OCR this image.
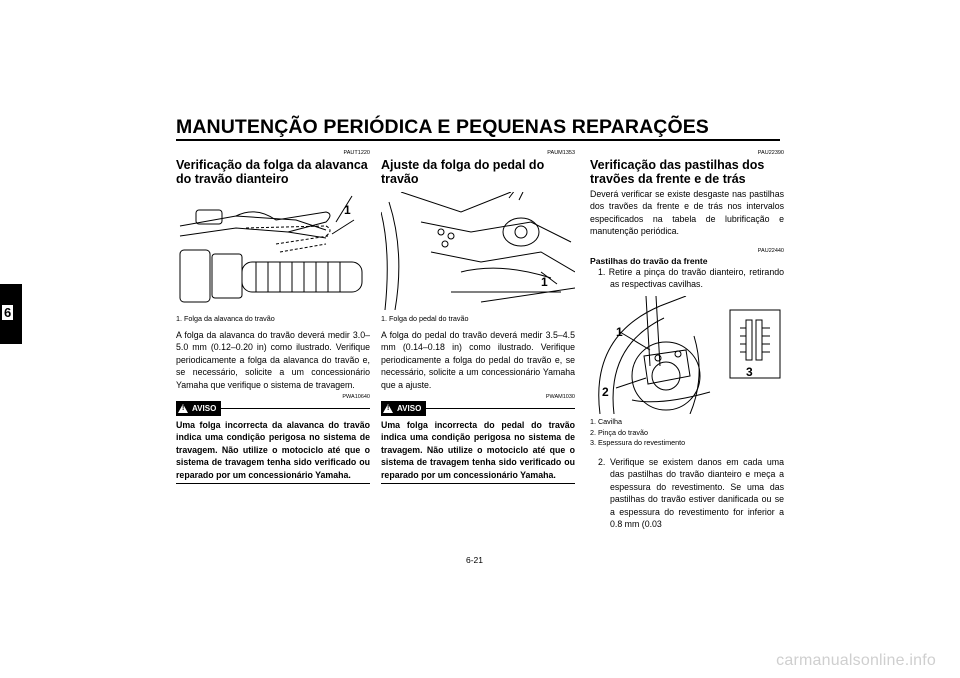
MANUTENÇÃO PERIÓDICA E PEQUENAS REPARAÇÕES
6
PAUT1220
Verificação da folga da alavanca do travão dianteiro
1
1. Folga da alavanca do travão

A folga da alavanca do travão deverá medir 3.0–5.0 mm (0.12–0.20 in) como ilustrado. Verifique periodicamente a folga da alavanca do travão e, se necessário, solicite a um concessionário Yamaha que verifique o sistema de travagem.

PWA10640
! AVISO
Uma folga incorrecta da alavanca do travão indica uma condição perigosa no sistema de travagem. Não utilize o motociclo até que o sistema de travagem tenha sido verificado ou reparado por um concessionário Yamaha.
PAUM1353
Ajuste da folga do pedal do travão
1
1. Folga do pedal do travão

A folga do pedal do travão deverá medir 3.5–4.5 mm (0.14–0.18 in) como ilustrado. Verifique periodicamente a folga do pedal do travão e, se necessário, solicite a um concessionário Yamaha que a ajuste.

PWAM1030
! AVISO
Uma folga incorrecta do pedal do travão indica uma condição perigosa no sistema de travagem. Não utilize o motociclo até que o sistema de travagem tenha sido verificado ou reparado por um concessionário Yamaha.
PAU22390
Verificação das pastilhas dos travões da frente e de trás

Deverá verificar se existe desgaste nas pastilhas dos travões da frente e de trás nos intervalos especificados na tabela de lubrificação e manutenção periódica.

PAU22440
Pastilhas do travão da frente
1. Retire a pinça do travão dianteiro, retirando as respectivas cavilhas.
1
2
3
1. Cavilha
2. Pinça do travão
3. Espessura do revestimento
2. Verifique se existem danos em cada uma das pastilhas do travão dianteiro e meça a espessura do revestimento. Se uma das pastilhas do travão estiver danificada ou se a espessura do revestimento for inferior a 0.8 mm (0.03
6-21
carmanualsonline.info
